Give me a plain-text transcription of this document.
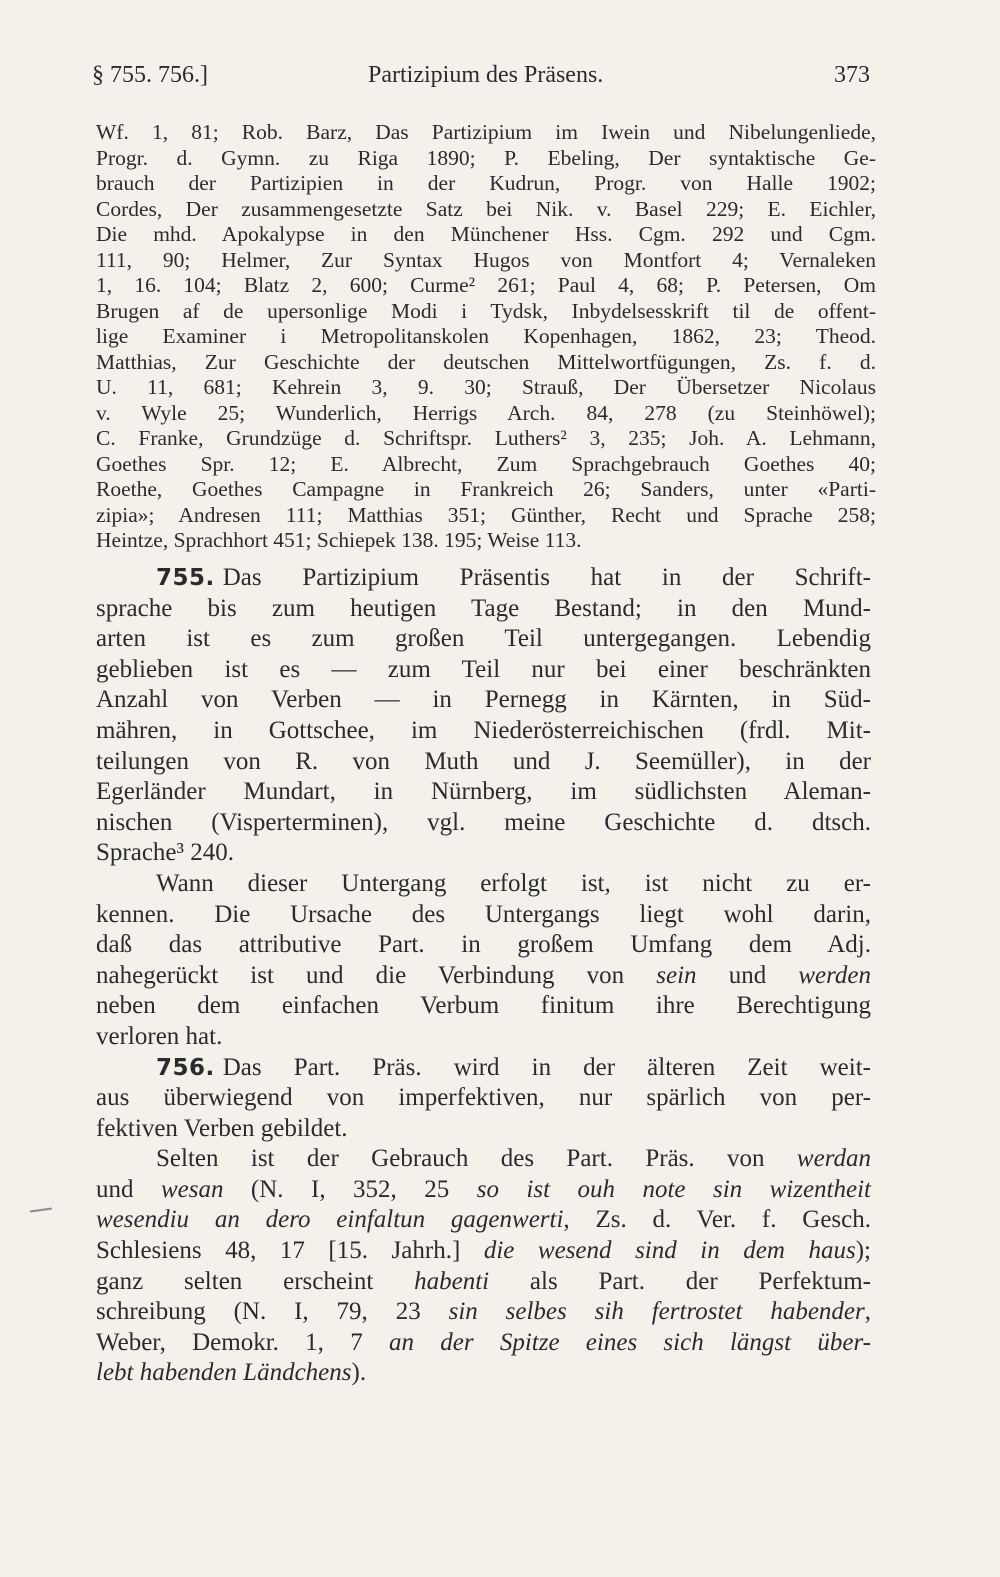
§ 755. 756.]	Partizipium des Präsens.	373
Wf. 1, 81; Rob. Barz, Das Partizipium im Iwein und Nibelungenliede,
Progr. d. Gymn. zu Riga 1890; P. Ebeling, Der syntaktische Ge-
brauch der Partizipien in der Kudrun, Progr. von Halle 1902;
Cordes, Der zusammengesetzte Satz bei Nik. v. Basel 229; E. Eichler,
Die mhd. Apokalypse in den Münchener Hss. Cgm. 292 und Cgm.
111, 90; Helmer, Zur Syntax Hugos von Montfort 4; Vernaleken
1, 16. 104; Blatz 2, 600; Curme² 261; Paul 4, 68; P. Petersen, Om
Brugen af de upersonlige Modi i Tydsk, Inbydelsesskrift til de offent-
lige Examiner i Metropolitanskolen Kopenhagen, 1862, 23; Theod.
Matthias, Zur Geschichte der deutschen Mittelwortfügungen, Zs. f. d.
U. 11, 681; Kehrein 3, 9. 30; Strauß, Der Übersetzer Nicolaus
v. Wyle 25; Wunderlich, Herrigs Arch. 84, 278 (zu Steinhöwel);
C. Franke, Grundzüge d. Schriftspr. Luthers² 3, 235; Joh. A. Lehmann,
Goethes Spr. 12; E. Albrecht, Zum Sprachgebrauch Goethes 40;
Roethe, Goethes Campagne in Frankreich 26; Sanders, unter «Parti-
zipia»; Andresen 111; Matthias 351; Günther, Recht und Sprache 258;
Heintze, Sprachhort 451; Schiepek 138. 195; Weise 113.
755. Das Partizipium Präsentis hat in der Schrift-
sprache bis zum heutigen Tage Bestand; in den Mund-
arten ist es zum großen Teil untergegangen. Lebendig
geblieben ist es — zum Teil nur bei einer beschränkten
Anzahl von Verben — in Pernegg in Kärnten, in Süd-
mähren, in Gottschee, im Niederösterreichischen (frdl. Mit-
teilungen von R. von Muth und J. Seemüller), in der
Egerländer Mundart, in Nürnberg, im südlichsten Aleman-
nischen (Visperterminen), vgl. meine Geschichte d. dtsch.
Sprache³ 240.
Wann dieser Untergang erfolgt ist, ist nicht zu er-
kennen. Die Ursache des Untergangs liegt wohl darin,
daß das attributive Part. in großem Umfang dem Adj.
nahegerückt ist und die Verbindung von sein und werden
neben dem einfachen Verbum finitum ihre Berechtigung
verloren hat.
756. Das Part. Präs. wird in der älteren Zeit weit-
aus überwiegend von imperfektiven, nur spärlich von per-
fektiven Verben gebildet.
Selten ist der Gebrauch des Part. Präs. von werdan
und wesan (N. I, 352, 25 so ist ouh note sin wizentheit
wesendiu an dero einfaltun gagenwerti, Zs. d. Ver. f. Gesch.
Schlesiens 48, 17 [15. Jahrh.] die wesend sind in dem haus);
ganz selten erscheint habenti als Part. der Perfektum-
schreibung (N. I, 79, 23 sin selbes sih fertrostet habender,
Weber, Demokr. 1, 7 an der Spitze eines sich längst über-
lebt habenden Ländchens).
